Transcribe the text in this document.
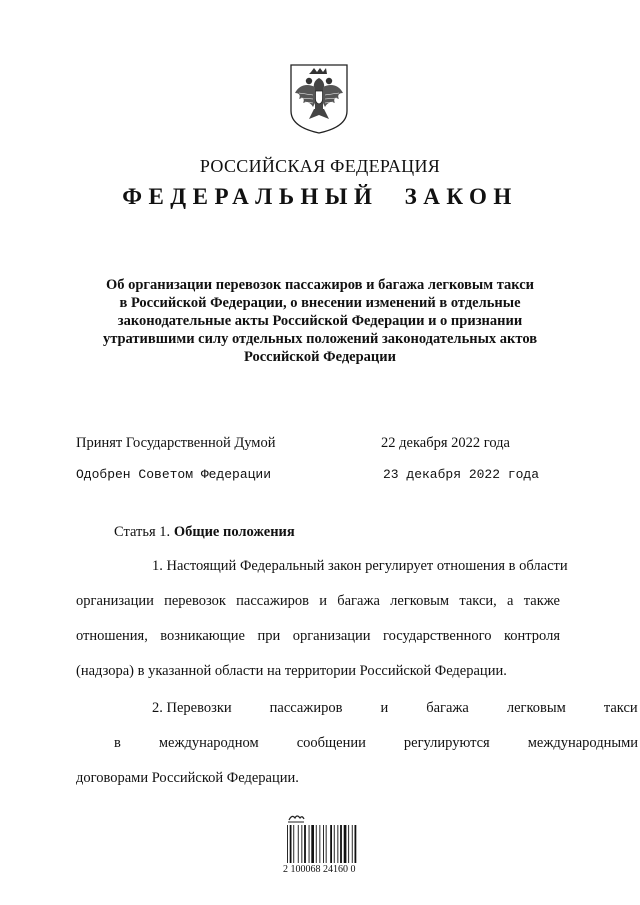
РОССИЙСКАЯ ФЕДЕРАЦИЯ
ФЕДЕРАЛЬНЫЙ ЗАКОН
Об организации перевозок пассажиров и багажа легковым такси
в Российской Федерации, о внесении изменений в отдельные
законодательные акты Российской Федерации и о признании
утратившими силу отдельных положений законодательных актов
Российской Федерации
Принят Государственной Думой	22 декабря 2022 года
Одобрен Советом Федерации	23 декабря 2022 года
Статья 1. Общие положения
1. Настоящий Федеральный закон регулирует отношения в области
организации перевозок пассажиров и багажа легковым такси, а также
отношения, возникающие при организации государственного контроля
(надзора) в указанной области на территории Российской Федерации.
2. Перевозки	пассажиров	и	багажа	легковым	такси
в	международном	сообщении	регулируются	международными
договорами Российской Федерации.
2 100068 24160 0
